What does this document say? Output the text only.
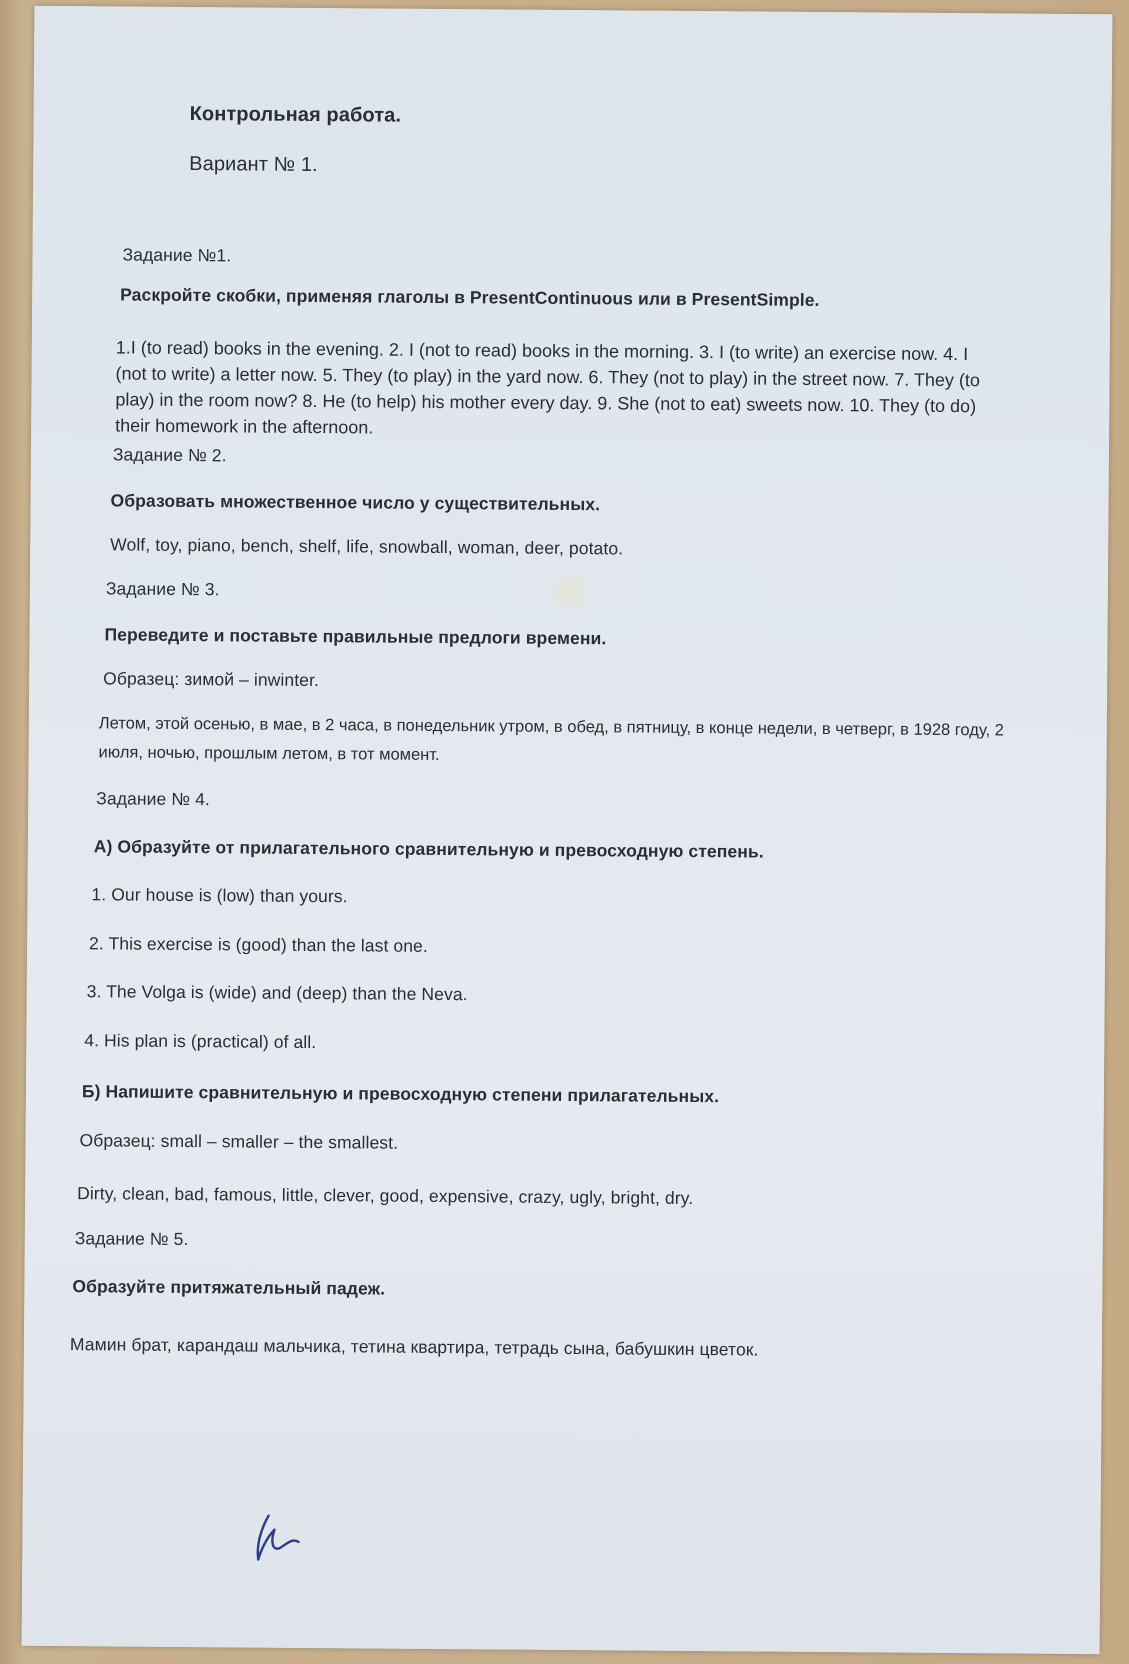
Контрольная работа.
Вариант № 1.
Задание №1.
Раскройте скобки, применяя глаголы в PresentContinuous или в PresentSimple.
1.I (to read) books in the evening. 2. I (not to read) books in the morning. 3. I (to write) an exercise now. 4. I (not to write) a letter now. 5. They (to play) in the yard now. 6. They (not to play) in the street now. 7. They (to play) in the room now? 8. He (to help) his mother every day. 9. She (not to eat) sweets now. 10. They (to do) their homework in the afternoon.
Задание № 2.
Образовать множественное число у существительных.
Wolf, toy, piano, bench, shelf, life, snowball, woman, deer, potato.
Задание № 3.
Переведите и поставьте правильные предлоги времени.
Образец: зимой – inwinter.
Летом, этой осенью, в мае, в 2 часа, в понедельник утром, в обед, в пятницу, в конце недели, в четверг, в 1928 году, 2 июля, ночью, прошлым летом, в тот момент.
Задание № 4.
А) Образуйте от прилагательного сравнительную и превосходную степень.
1. Our house is (low) than yours.
2. This exercise is (good) than the last one.
3. The Volga is (wide) and (deep) than the Neva.
4. His plan is (practical) of all.
Б) Напишите сравнительную и превосходную степени прилагательных.
Образец: small – smaller – the smallest.
Dirty, clean, bad, famous, little, clever, good, expensive, crazy, ugly, bright, dry.
Задание № 5.
Образуйте притяжательный падеж.
Мамин брат, карандаш мальчика, тетина квартира, тетрадь сына, бабушкин цветок.
